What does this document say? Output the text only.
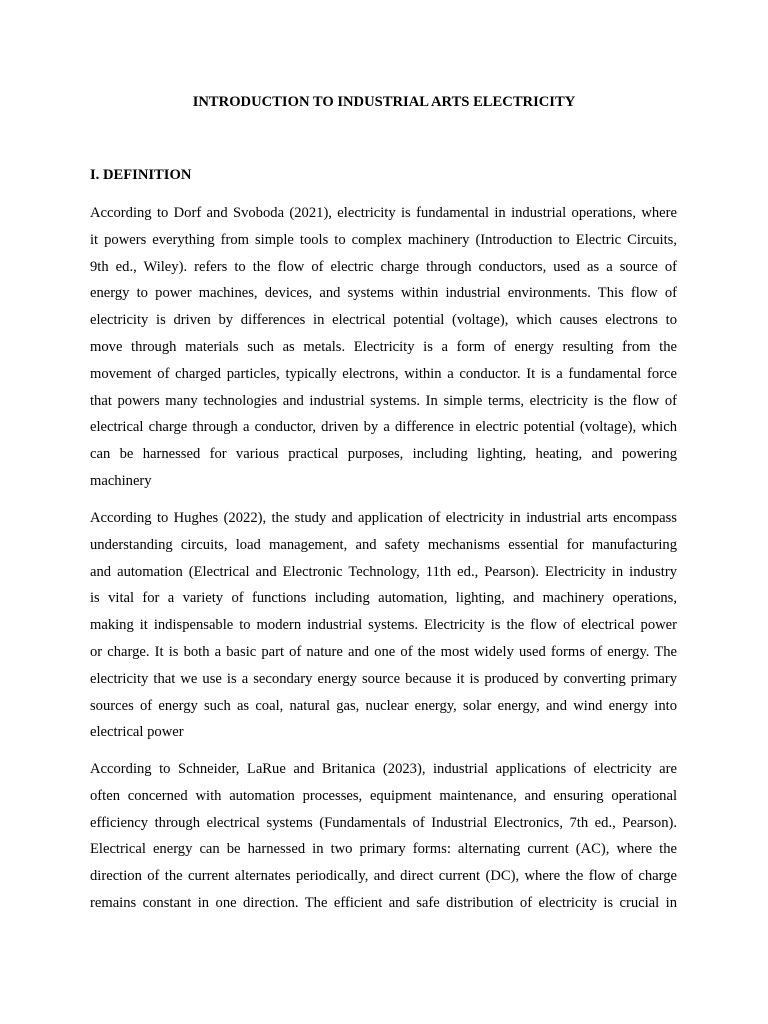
INTRODUCTION TO INDUSTRIAL ARTS ELECTRICITY
I. DEFINITION

According to Dorf and Svoboda (2021), electricity is fundamental in industrial operations, where
it powers everything from simple tools to complex machinery (Introduction to Electric Circuits,
9th ed., Wiley). refers to the flow of electric charge through conductors, used as a source of
energy to power machines, devices, and systems within industrial environments. This flow of
electricity is driven by differences in electrical potential (voltage), which causes electrons to
move through materials such as metals. Electricity is a form of energy resulting from the
movement of charged particles, typically electrons, within a conductor. It is a fundamental force
that powers many technologies and industrial systems. In simple terms, electricity is the flow of
electrical charge through a conductor, driven by a difference in electric potential (voltage), which
can be harnessed for various practical purposes, including lighting, heating, and powering
machinery

According to Hughes (2022), the study and application of electricity in industrial arts encompass
understanding circuits, load management, and safety mechanisms essential for manufacturing
and automation (Electrical and Electronic Technology, 11th ed., Pearson). Electricity in industry
is vital for a variety of functions including automation, lighting, and machinery operations,
making it indispensable to modern industrial systems. Electricity is the flow of electrical power
or charge. It is both a basic part of nature and one of the most widely used forms of energy. The
electricity that we use is a secondary energy source because it is produced by converting primary
sources of energy such as coal, natural gas, nuclear energy, solar energy, and wind energy into
electrical power

According to Schneider, LaRue and Britanica (2023), industrial applications of electricity are
often concerned with automation processes, equipment maintenance, and ensuring operational
efficiency through electrical systems (Fundamentals of Industrial Electronics, 7th ed., Pearson).
Electrical energy can be harnessed in two primary forms: alternating current (AC), where the
direction of the current alternates periodically, and direct current (DC), where the flow of charge
remains constant in one direction. The efficient and safe distribution of electricity is crucial in
